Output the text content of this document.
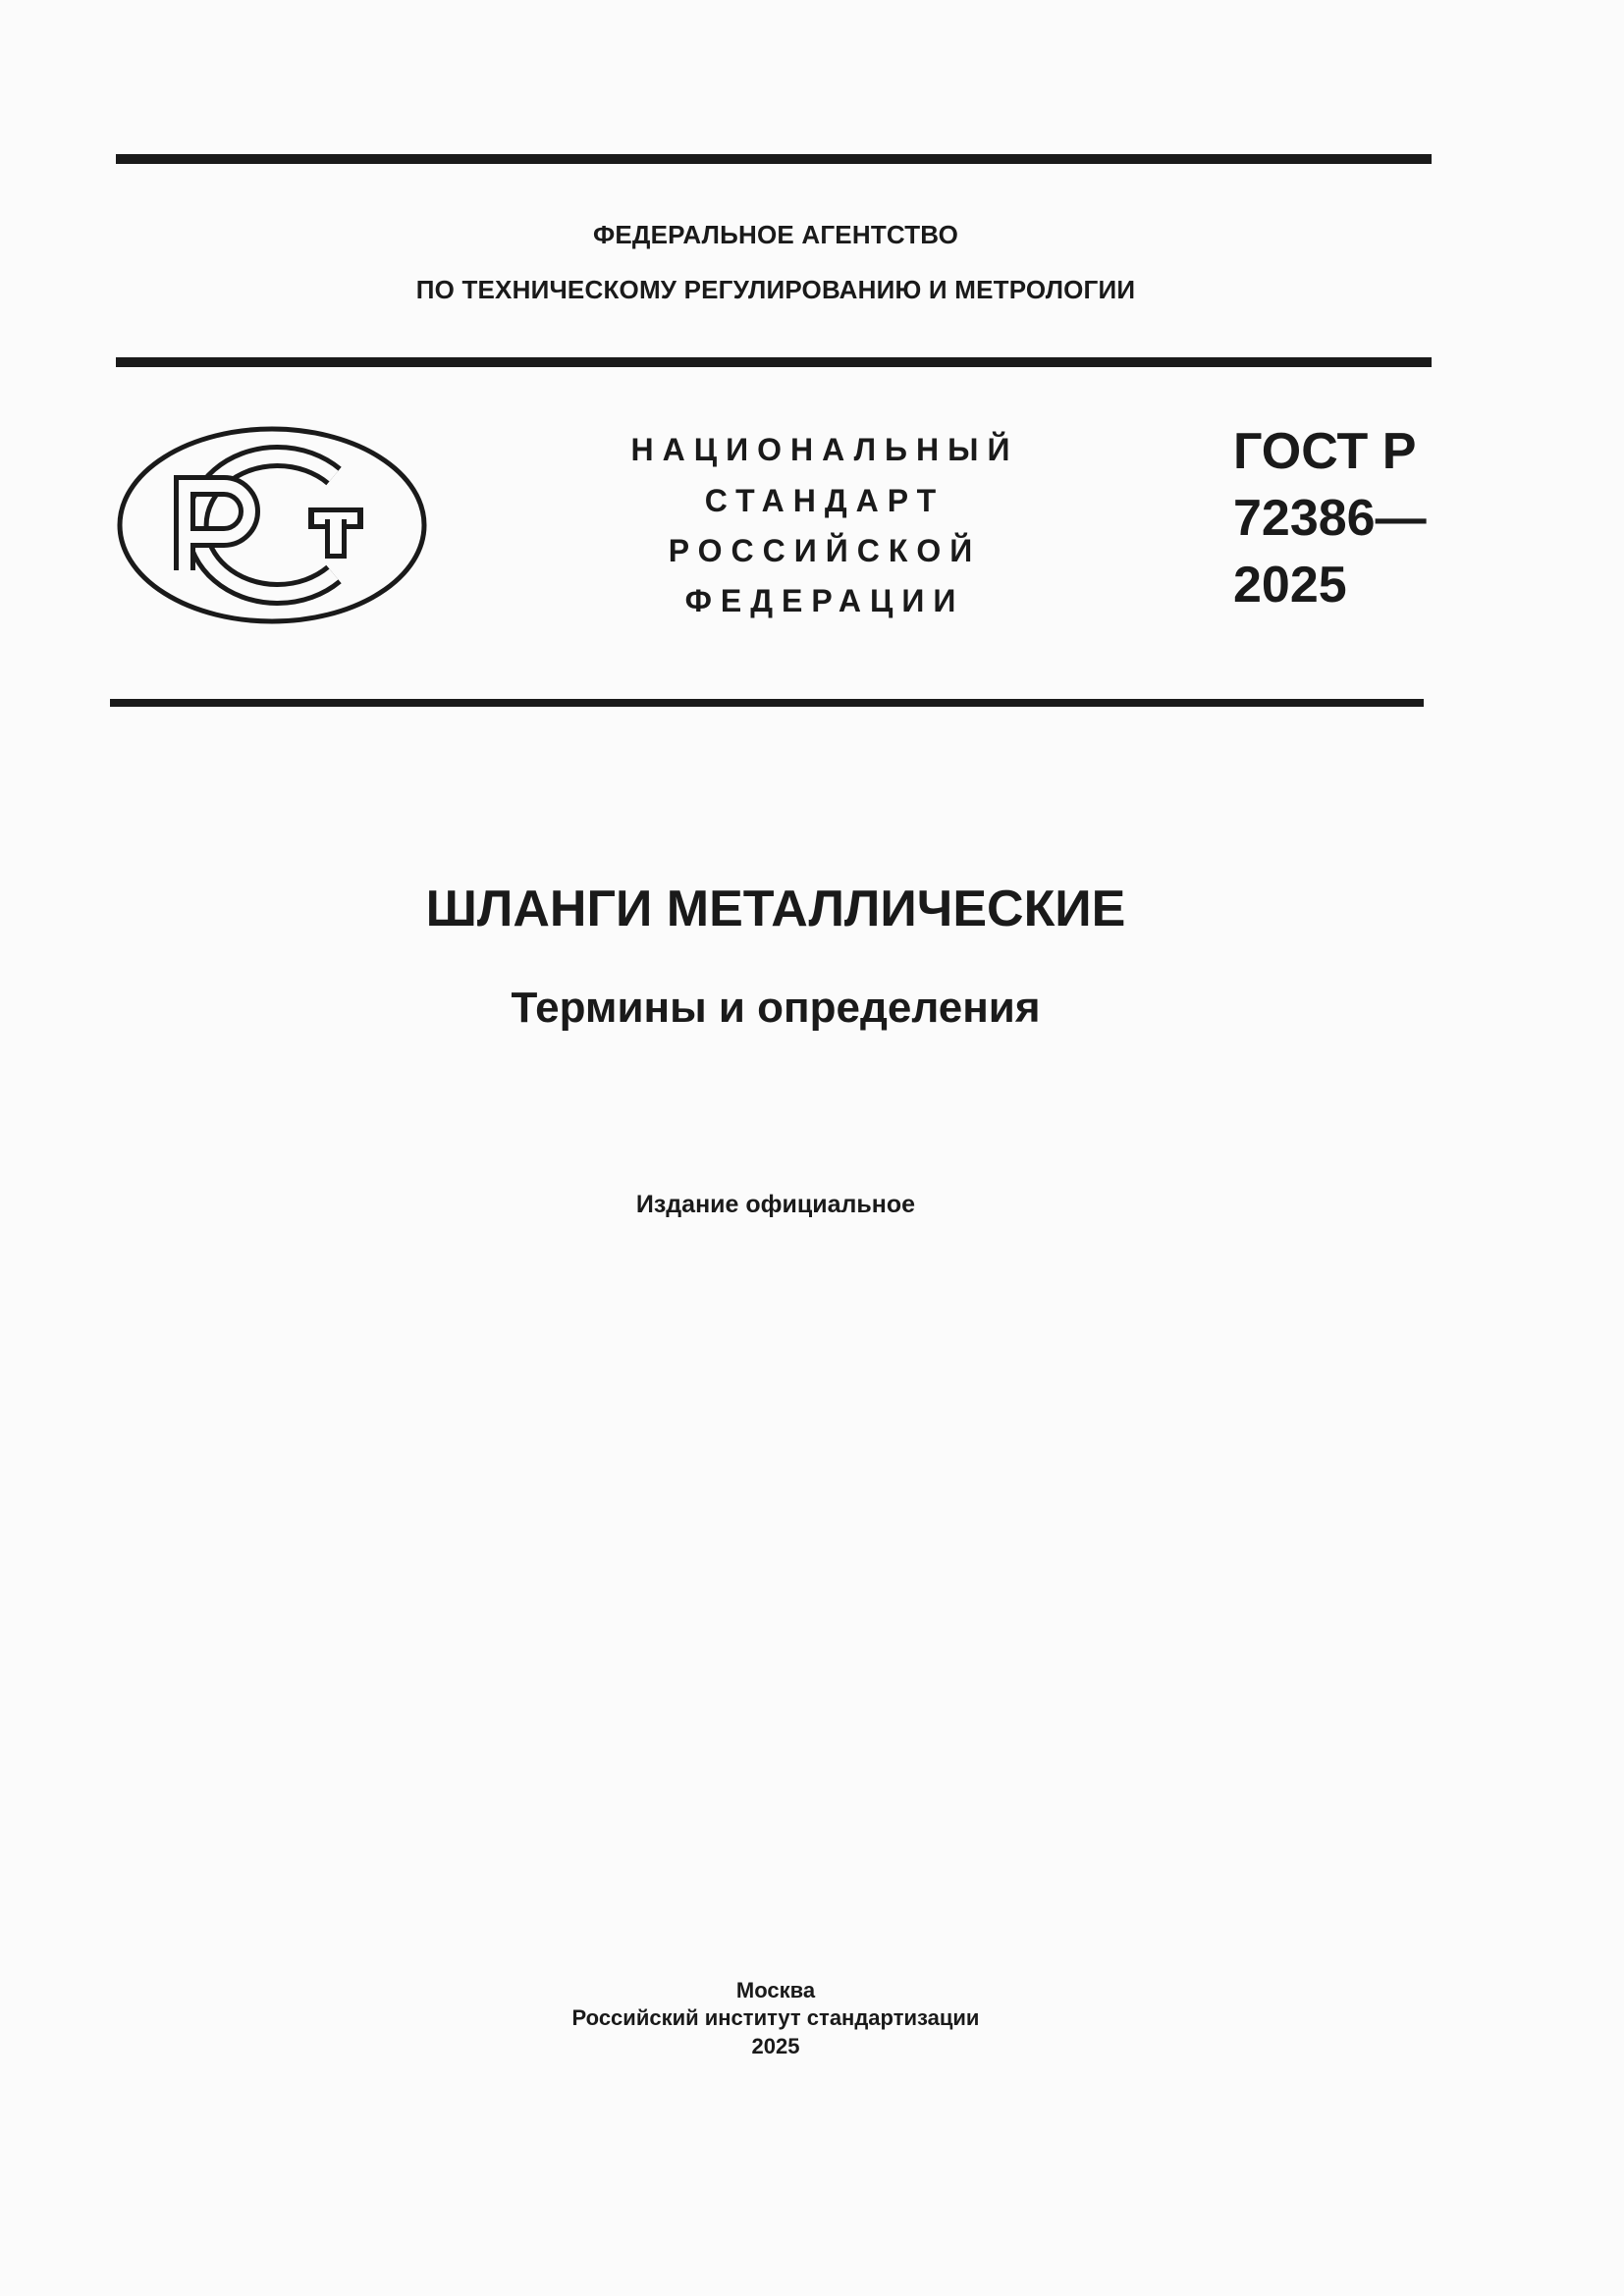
ФЕДЕРАЛЬНОЕ АГЕНТСТВО
ПО ТЕХНИЧЕСКОМУ РЕГУЛИРОВАНИЮ И МЕТРОЛОГИИ
НАЦИОНАЛЬНЫЙ
СТАНДАРТ
РОССИЙСКОЙ
ФЕДЕРАЦИИ
ГОСТ Р
72386—
2025
ШЛАНГИ МЕТАЛЛИЧЕСКИЕ
Термины и определения
Издание официальное
Москва
Российский институт стандартизации
2025
